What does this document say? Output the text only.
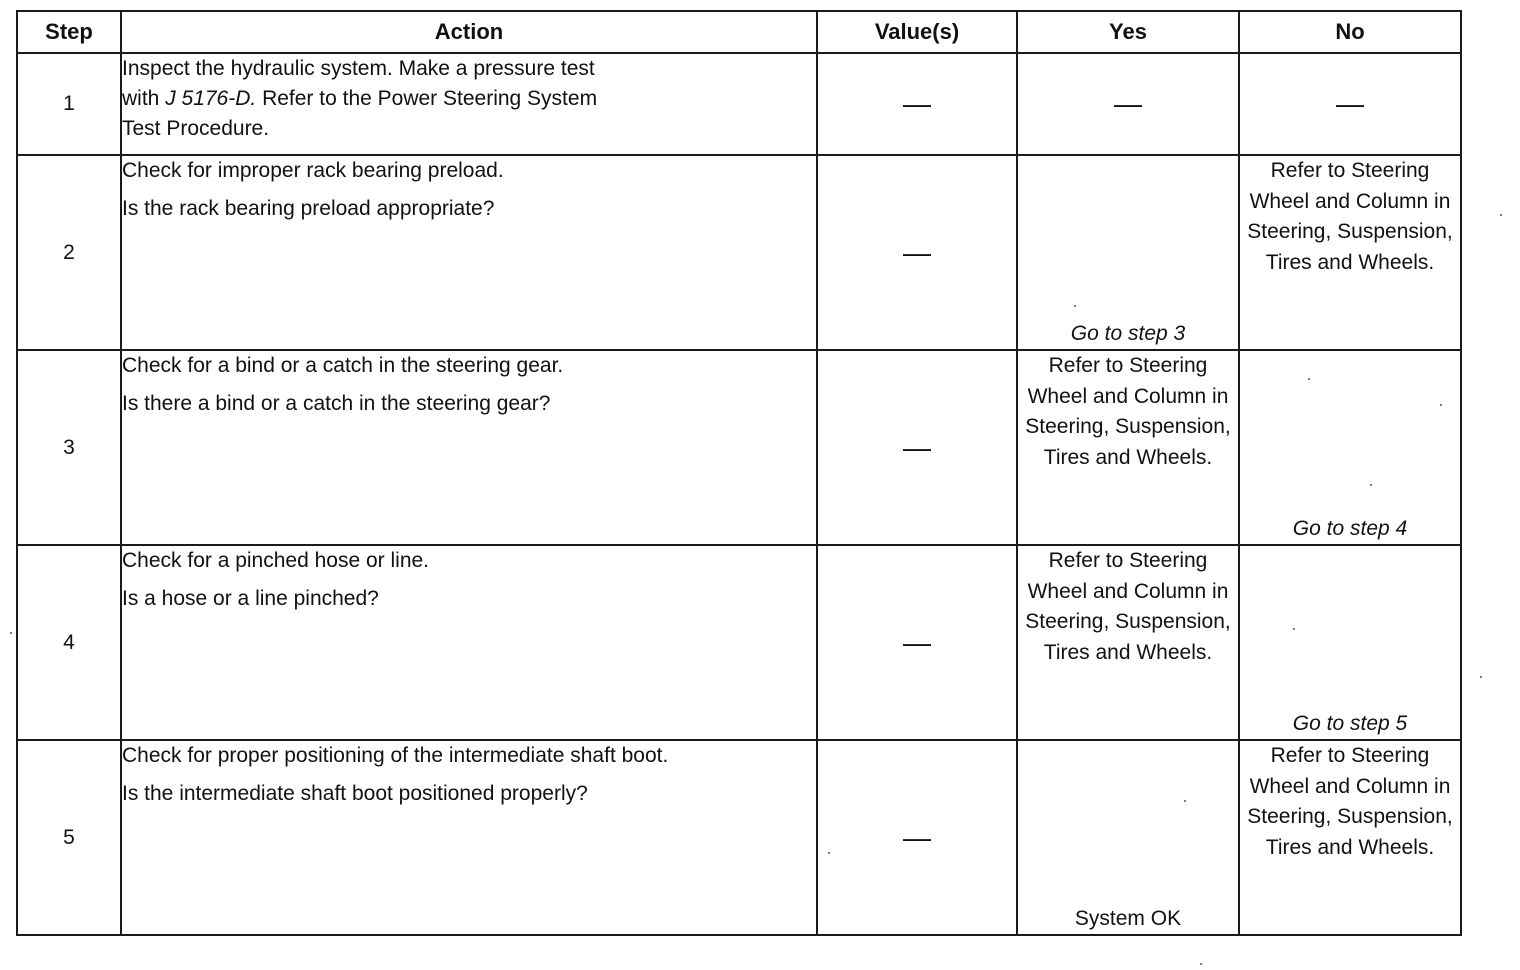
Step	Action	Value(s)	Yes	No
1	Inspect the hydraulic system. Make a pressure test
with J 5176-D. Refer to the Power Steering System
Test Procedure.	—	—	—
2	Check for improper rack bearing preload.
Is the rack bearing preload appropriate?	—	Go to step 3	Refer to Steering Wheel and Column in Steering, Suspension, Tires and Wheels.
3	Check for a bind or a catch in the steering gear.
Is there a bind or a catch in the steering gear?	—	Refer to Steering Wheel and Column in Steering, Suspension, Tires and Wheels.	Go to step 4
4	Check for a pinched hose or line.
Is a hose or a line pinched?	—	Refer to Steering Wheel and Column in Steering, Suspension, Tires and Wheels.	Go to step 5
5	Check for proper positioning of the intermediate shaft boot.
Is the intermediate shaft boot positioned properly?	—	System OK	Refer to Steering Wheel and Column in Steering, Suspension, Tires and Wheels.
